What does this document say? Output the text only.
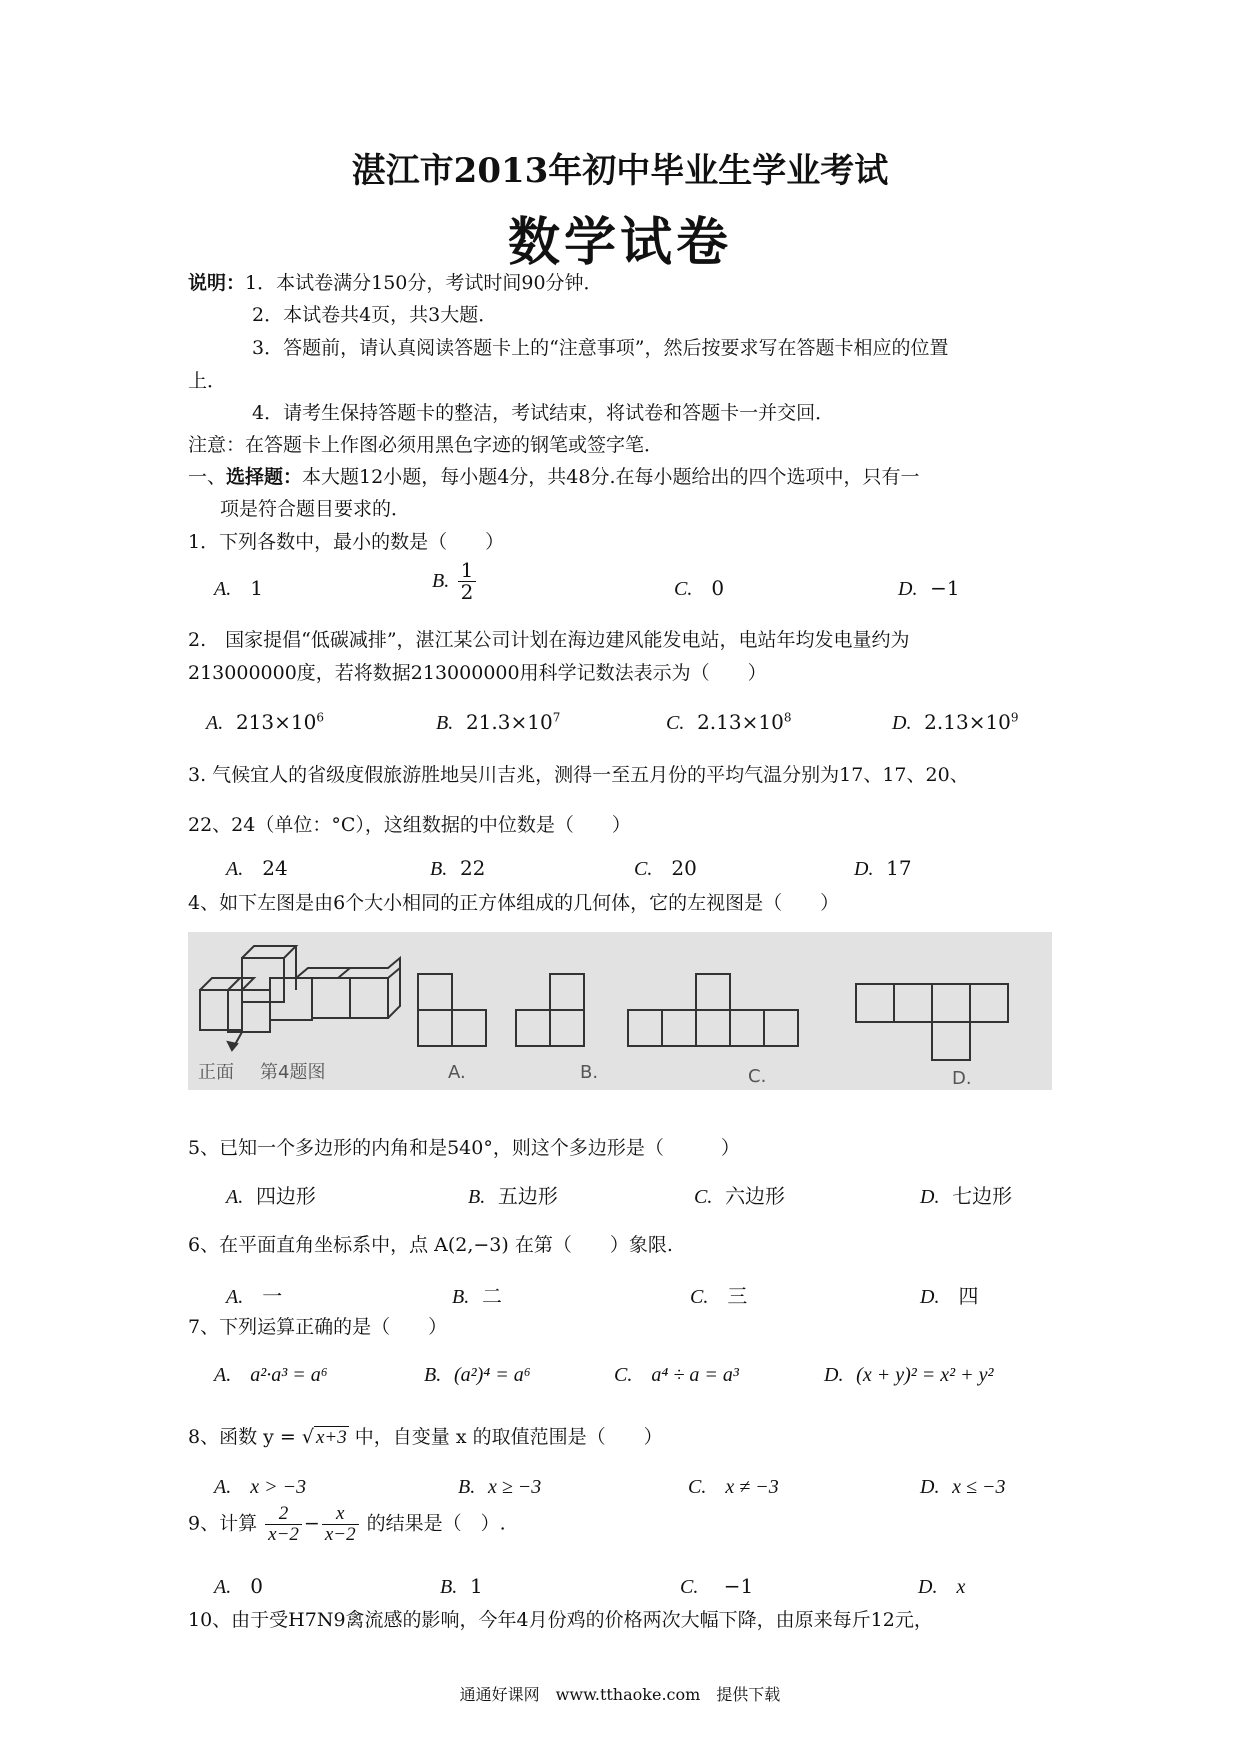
湛江市2013年初中毕业生学业考试
数学试卷
说明：1．本试卷满分150分，考试时间90分钟．
2．本试卷共4页，共3大题．
3．答题前，请认真阅读答题卡上的“注意事项”，然后按要求写在答题卡相应的位置
上．
4．请考生保持答题卡的整洁，考试结束，将试卷和答题卡一并交回．
注意：在答题卡上作图必须用黑色字迹的钢笔或签字笔．
一、选择题：本大题12小题，每小题4分，共48分.在每小题给出的四个选项中，只有一
项是符合题目要求的．
1．下列各数中，最小的数是（　　）
A. 1	B. $\frac{1}{2}$	C. 0	D. −1
2.　国家提倡“低碳减排”，湛江某公司计划在海边建风能发电站，电站年均发电量约为
213000000度，若将数据213000000用科学记数法表示为（　　）
A. $213\times 10^6$	B. $21.3\times 10^7$	C. $2.13\times 10^8$	D. $2.13\times 10^9$
3. 气候宜人的省级度假旅游胜地吴川吉兆，测得一至五月份的平均气温分别为17、17、20、
22、24（单位：°C），这组数据的中位数是（　　）
A. 24	B. 22	C. 20	D. 17
4、如下左图是由6个大小相同的正方体组成的几何体，它的左视图是（　　）
正面 第4题图	A.	B.	C.	D.
5、已知一个多边形的内角和是540°，则这个多边形是（　　　）
A. 四边形	B. 五边形	C. 六边形	D. 七边形
6、在平面直角坐标系中，点 A(2,−3) 在第（　　）象限.
A. 一	B. 二	C. 三	D. 四
7、下列运算正确的是（　　）
A. a²·a³ = a⁶	B. (a²)⁴ = a⁶	C. a⁴ ÷ a = a³	D. (x + y)² = x² + y²
8、函数 y = √ x+3 中，自变量 x 的取值范围是（　　）
A. x > −3	B. x ≥ −3	C. x ≠ −3	D. x ≤ −3
9、计算 $\frac{2}{x-2} - \frac{x}{x-2}$ 的结果是（　）.
A. 0	B. 1	C. −1	D. x
10、由于受H7N9禽流感的影响，今年4月份鸡的价格两次大幅下降，由原来每斤12元，
通通好课网　www.tthaoke.com　提供下载
